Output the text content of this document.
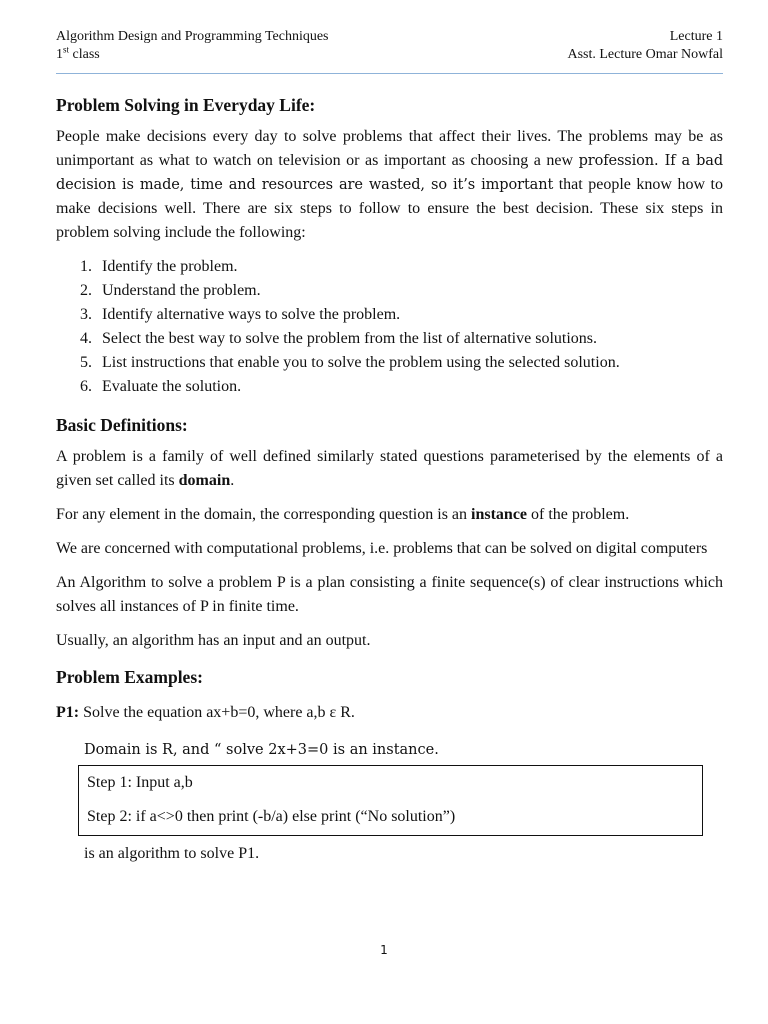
Algorithm Design and Programming Techniques	Lecture 1
1st class	Asst. Lecture Omar Nowfal
Problem Solving in Everyday Life:

People make decisions every day to solve problems that affect their lives. The problems may be as unimportant as what to watch on television or as important as choosing a new profession. If a bad decision is made, time and resources are wasted, so it’s important that people know how to make decisions well. There are six steps to follow to ensure the best decision. These six steps in problem solving include the following:

1. Identify the problem.
2. Understand the problem.
3. Identify alternative ways to solve the problem.
4. Select the best way to solve the problem from the list of alternative solutions.
5. List instructions that enable you to solve the problem using the selected solution.
6. Evaluate the solution.
Basic Definitions:

A problem is a family of well defined similarly stated questions parameterised by the elements of a given set called its domain.

For any element in the domain, the corresponding question is an instance of the problem.

We are concerned with computational problems, i.e. problems that can be solved on digital computers

An Algorithm to solve a problem P is a plan consisting a finite sequence(s) of clear instructions which solves all instances of P in finite time.

Usually, an algorithm has an input and an output.

Problem Examples:

P1: Solve the equation ax+b=0, where a,b ε R.

Domain is R, and “ solve 2x+3=0 is an instance.
Step 1: Input a,b
Step 2: if a<>0 then print (-b/a) else print (“No solution”)
is an algorithm to solve P1.
1
